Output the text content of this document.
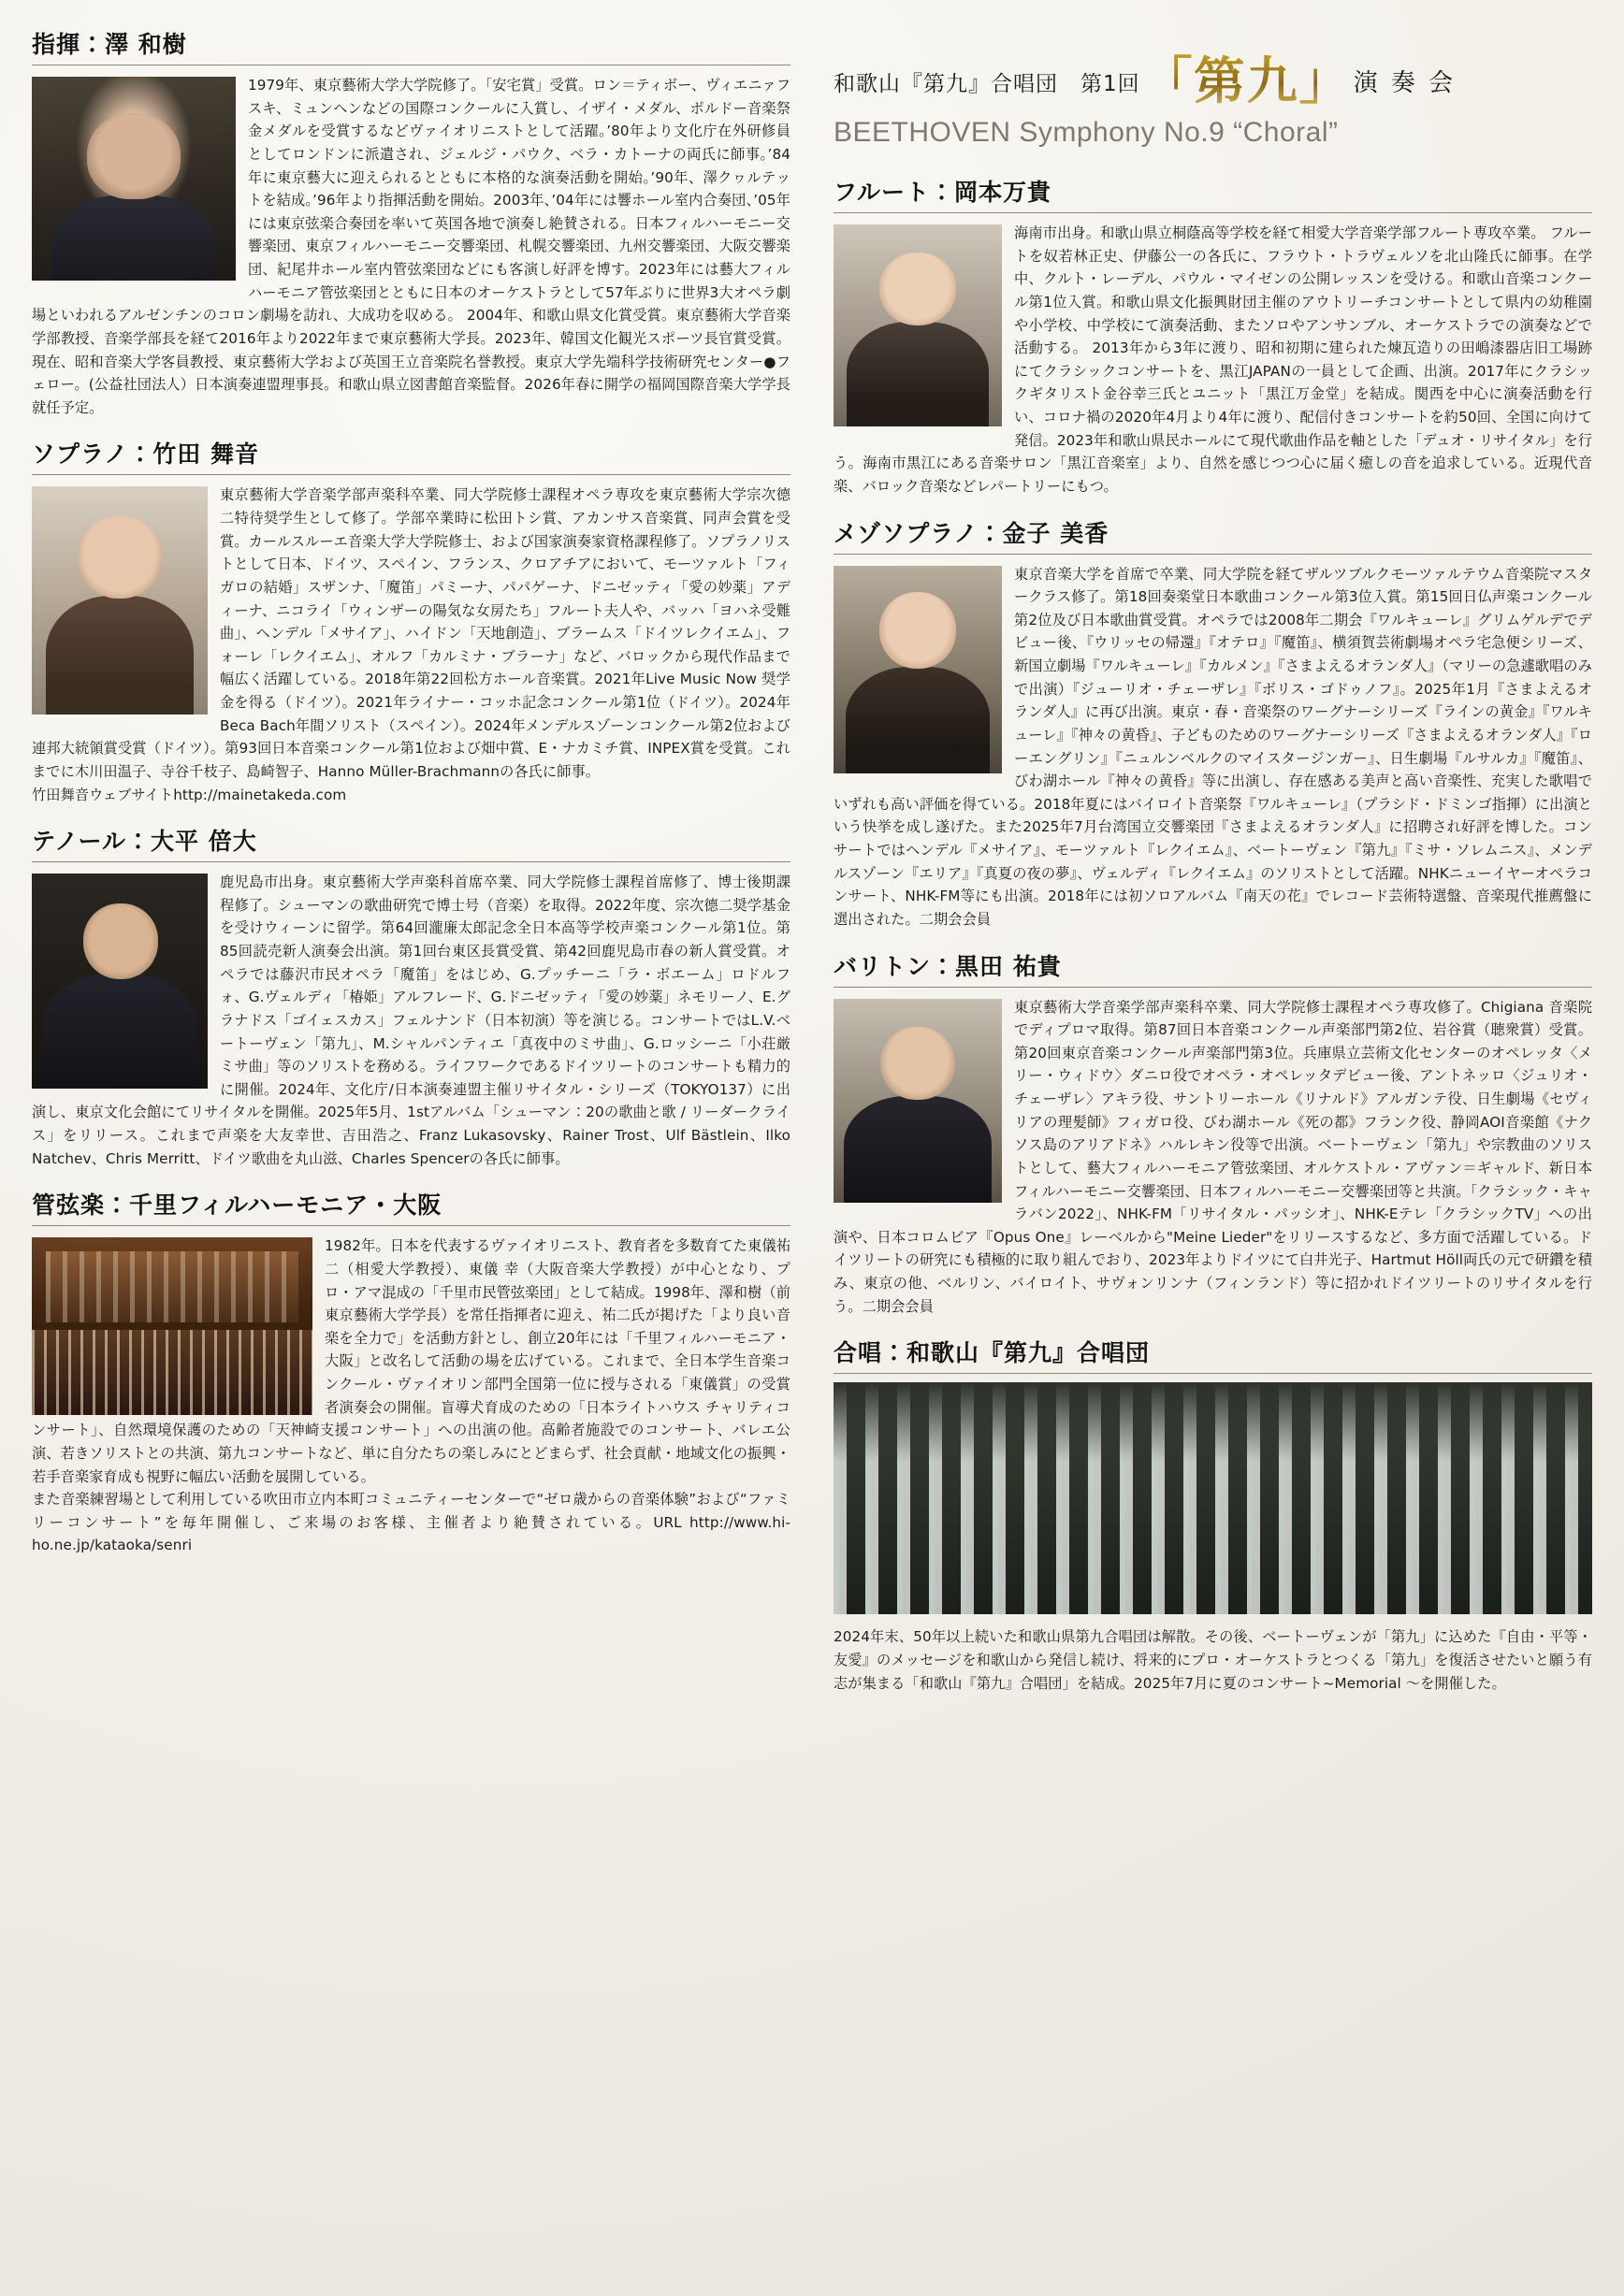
指揮：澤 和樹

1979年、東京藝術大学大学院修了。「安宅賞」受賞。ロン＝ティボー、ヴィエニァフスキ、ミュンヘンなどの国際コンクールに入賞し、イザイ・メダル、ボルドー音楽祭金メダルを受賞するなどヴァイオリニストとして活躍。’80年より文化庁在外研修員としてロンドンに派遣され、ジェルジ・パウク、ベラ・カトーナの両氏に師事。’84年に東京藝大に迎えられるとともに本格的な演奏活動を開始。’90年、澤クヮルテットを結成。’96年より指揮活動を開始。2003年、’04年には響ホール室内合奏団、’05年には東京弦楽合奏団を率いて英国各地で演奏し絶賛される。日本フィルハーモニー交響楽団、東京フィルハーモニー交響楽団、札幌交響楽団、九州交響楽団、大阪交響楽団、紀尾井ホール室内管弦楽団などにも客演し好評を博す。2023年には藝大フィルハーモニア管弦楽団とともに日本のオーケストラとして57年ぶりに世界3大オペラ劇場といわれるアルゼンチンのコロン劇場を訪れ、大成功を収める。 2004年、和歌山県文化賞受賞。東京藝術大学音楽学部教授、音楽学部長を経て2016年より2022年まで東京藝術大学長。2023年、韓国文化観光スポーツ長官賞受賞。現在、昭和音楽大学客員教授、東京藝術大学および英国王立音楽院名誉教授。東京大学先端科学技術研究センター●フェロー。(公益社団法人）日本演奏連盟理事長。和歌山県立図書館音楽監督。2026年春に開学の福岡国際音楽大学学長就任予定。

ソプラノ：竹田 舞音

東京藝術大学音楽学部声楽科卒業、同大学院修士課程オペラ専攻を東京藝術大学宗次德二特待奨学生として修了。学部卒業時に松田トシ賞、アカンサス音楽賞、同声会賞を受賞。カールスルーエ音楽大学大学院修士、および国家演奏家資格課程修了。ソプラノリストとして日本、ドイツ、スペイン、フランス、クロアチアにおいて、モーツァルト「フィガロの結婚」スザンナ、「魔笛」パミーナ、パパゲーナ、ドニゼッティ「愛の妙薬」アディーナ、ニコライ「ウィンザーの陽気な女房たち」フルート夫人や、バッハ「ヨハネ受難曲」、ヘンデル「メサイア」、ハイドン「天地創造」、ブラームス「ドイツレクイエム」、フォーレ「レクイエム」、オルフ「カルミナ・ブラーナ」など、バロックから現代作品まで幅広く活躍している。2018年第22回松方ホール音楽賞。2021年Live Music Now 奨学金を得る（ドイツ）。2021年ライナー・コッホ記念コンクール第1位（ドイツ）。2024年Beca Bach年間ソリスト（スペイン）。2024年メンデルスゾーンコンクール第2位および連邦大統領賞受賞（ドイツ）。第93回日本音楽コンクール第1位および畑中賞、E・ナカミチ賞、INPEX賞を受賞。これまでに木川田温子、寺谷千枝子、島崎智子、Hanno Müller-Brachmannの各氏に師事。

竹田舞音ウェブサイトhttp://mainetakeda.com

テノール：大平 倍大

鹿児島市出身。東京藝術大学声楽科首席卒業、同大学院修士課程首席修了、博士後期課程修了。シューマンの歌曲研究で博士号（音楽）を取得。2022年度、宗次德二奨学基金を受けウィーンに留学。第64回瀧廉太郎記念全日本高等学校声楽コンクール第1位。第85回読売新人演奏会出演。第1回台東区長賞受賞、第42回鹿児島市春の新人賞受賞。オペラでは藤沢市民オペラ「魔笛」をはじめ、G.プッチーニ「ラ・ボエーム」ロドルフォ、G.ヴェルディ「椿姫」アルフレード、G.ドニゼッティ「愛の妙薬」ネモリーノ、E.グラナドス「ゴイェスカス」フェルナンド（日本初演）等を演じる。コンサートではL.V.ベートーヴェン「第九」、M.シャルパンティエ「真夜中のミサ曲」、G.ロッシーニ「小荘厳ミサ曲」等のソリストを務める。ライフワークであるドイツリートのコンサートも精力的に開催。2024年、文化庁/日本演奏連盟主催リサイタル・シリーズ（TOKYO137）に出演し、東京文化会館にてリサイタルを開催。2025年5月、1stアルバム「シューマン：20の歌曲と歌 / リーダークライス」をリリース。これまで声楽を大友幸世、吉田浩之、Franz Lukasovsky、Rainer Trost、Ulf Bästlein、Ilko Natchev、Chris Merritt、ドイツ歌曲を丸山滋、Charles Spencerの各氏に師事。

管弦楽：千里フィルハーモニア・大阪

1982年。日本を代表するヴァイオリニスト、教育者を多数育てた東儀祐二（相愛大学教授）、東儀 幸（大阪音楽大学教授）が中心となり、プロ・アマ混成の「千里市民管弦楽団」として結成。1998年、澤和樹（前東京藝術大学学長）を常任指揮者に迎え、祐二氏が掲げた「より良い音楽を全力で」を活動方針とし、創立20年には「千里フィルハーモニア・大阪」と改名して活動の場を広げている。これまで、全日本学生音楽コンクール・ヴァイオリン部門全国第一位に授与される「東儀賞」の受賞者演奏会の開催。盲導犬育成のための「日本ライトハウス チャリティコンサート」、自然環境保護のための「天神崎支援コンサート」への出演の他。高齢者施設でのコンサート、バレエ公演、若きソリストとの共演、第九コンサートなど、単に自分たちの楽しみにとどまらず、社会貢献・地域文化の振興・若手音楽家育成も視野に幅広い活動を展開している。

また音楽練習場として利用している吹田市立内本町コミュニティーセンターで“ゼロ歳からの音楽体験”および“ファミリーコンサート”を毎年開催し、ご来場のお客様、主催者より絶賛されている。URL http://www.hi-ho.ne.jp/kataoka/senri

和歌山『第九』合唱団　第1回「第九」演 奏 会
BEETHOVEN Symphony No.9 “Choral”
フルート：岡本万貴

海南市出身。和歌山県立桐蔭高等学校を経て相愛大学音楽学部フルート専攻卒業。 フルートを奴若林正史、伊藤公一の各氏に、フラウト・トラヴェルソを北山隆氏に師事。在学中、クルト・レーデル、パウル・マイゼンの公開レッスンを受ける。和歌山音楽コンクール第1位入賞。和歌山県文化振興財団主催のアウトリーチコンサートとして県内の幼稚園や小学校、中学校にて演奏活動、またソロやアンサンブル、オーケストラでの演奏などで活動する。 2013年から3年に渡り、昭和初期に建られた煉瓦造りの田嶋漆器店旧工場跡にてクラシックコンサートを、黒江JAPANの一員として企画、出演。2017年にクラシックギタリスト金谷幸三氏とユニット「黒江万金堂」を結成。関西を中心に演奏活動を行い、コロナ禍の2020年4月より4年に渡り、配信付きコンサートを約50回、全国に向けて発信。2023年和歌山県民ホールにて現代歌曲作品を軸とした「デュオ・リサイタル」を行う。海南市黒江にある音楽サロン「黒江音楽室」より、自然を感じつつ心に届く癒しの音を追求している。近現代音楽、バロック音楽などレパートリーにもつ。

メゾソプラノ：金子 美香

東京音楽大学を首席で卒業、同大学院を経てザルツブルクモーツァルテウム音楽院マスタークラス修了。第18回奏楽堂日本歌曲コンクール第3位入賞。第15回日仏声楽コンクール第2位及び日本歌曲賞受賞。オペラでは2008年二期会『ワルキューレ』グリムゲルデでデビュー後、『ウリッセの帰還』『オテロ』『魔笛』、横須賀芸術劇場オペラ宅急便シリーズ、新国立劇場『ワルキューレ』『カルメン』『さまよえるオランダ人』（マリーの急遽歌唱のみで出演）『ジューリオ・チェーザレ』『ボリス・ゴドゥノフ』。2025年1月『さまよえるオランダ人』に再び出演。東京・春・音楽祭のワーグナーシリーズ『ラインの黄金』『ワルキューレ』『神々の黄昏』、子どものためのワーグナーシリーズ『さまよえるオランダ人』『ローエングリン』『ニュルンベルクのマイスタージンガー』、日生劇場『ルサルカ』『魔笛』、びわ湖ホール『神々の黄昏』等に出演し、存在感ある美声と高い音楽性、充実した歌唱でいずれも高い評価を得ている。2018年夏にはバイロイト音楽祭『ワルキューレ』（プラシド・ドミンゴ指揮）に出演という快挙を成し遂げた。また2025年7月台湾国立交響楽団『さまよえるオランダ人』に招聘され好評を博した。コンサートではヘンデル『メサイア』、モーツァルト『レクイエム』、ベートーヴェン『第九』『ミサ・ソレムニス』、メンデルスゾーン『エリア』『真夏の夜の夢』、ヴェルディ『レクイエム』のソリストとして活躍。NHKニューイヤーオペラコンサート、NHK-FM等にも出演。2018年には初ソロアルバム『南天の花』でレコード芸術特選盤、音楽現代推薦盤に選出された。二期会会員

バリトン：黒田 祐貴

東京藝術大学音楽学部声楽科卒業、同大学院修士課程オペラ専攻修了。Chigiana 音楽院でディプロマ取得。第87回日本音楽コンクール声楽部門第2位、岩谷賞（聴衆賞）受賞。第20回東京音楽コンクール声楽部門第3位。兵庫県立芸術文化センターのオペレッタ〈メリー・ウィドウ〉ダニロ役でオペラ・オペレッタデビュー後、アントネッロ〈ジュリオ・チェーザレ〉アキラ役、サントリーホール《リナルド》アルガンテ役、日生劇場《セヴィリアの理髪師》フィガロ役、びわ湖ホール《死の都》フランク役、静岡AOI音楽館《ナクソス島のアリアドネ》ハルレキン役等で出演。ベートーヴェン「第九」や宗教曲のソリストとして、藝大フィルハーモニア管弦楽団、オルケストル・アヴァン＝ギャルド、新日本フィルハーモニー交響楽団、日本フィルハーモニー交響楽団等と共演。「クラシック・キャラバン2022」、NHK-FM「リサイタル・パッシオ」、NHK-Eテレ「クラシックTV」への出演や、日本コロムビア『Opus One』レーベルから"Meine Lieder"をリリースするなど、多方面で活躍している。ドイツリートの研究にも積極的に取り組んでおり、2023年よりドイツにて白井光子、Hartmut Höll両氏の元で研鑽を積み、東京の他、ベルリン、バイロイト、サヴォンリンナ（フィンランド）等に招かれドイツリートのリサイタルを行う。二期会会員

合唱：和歌山『第九』合唱団

2024年末、50年以上続いた和歌山県第九合唱団は解散。その後、ベートーヴェンが「第九」に込めた『自由・平等・友愛』のメッセージを和歌山から発信し続け、将来的にプロ・オーケストラとつくる「第九」を復活させたいと願う有志が集まる「和歌山『第九』合唱団」を結成。2025年7月に夏のコンサート~Memorial ～を開催した。
